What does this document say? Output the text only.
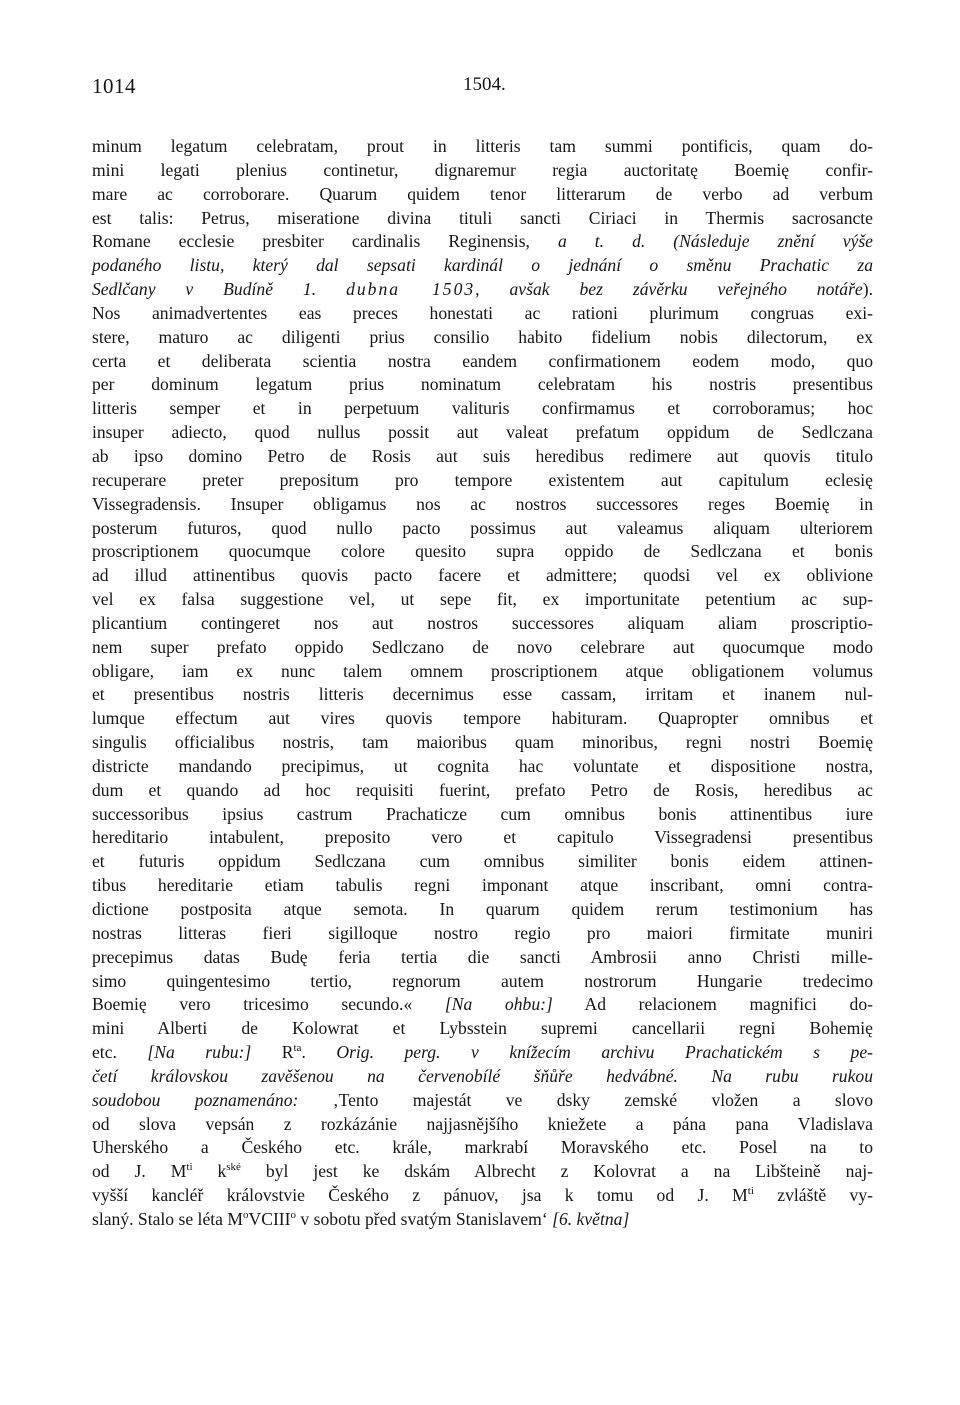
1014	1504.
minum legatum celebratam, prout in litteris tam summi pontificis, quam do-
mini legati plenius continetur, dignaremur regia auctoritatę Boemię confir-
mare ac corroborare. Quarum quidem tenor litterarum de verbo ad verbum
est talis: Petrus, miseratione divina tituli sancti Ciriaci in Thermis sacrosancte
Romane ecclesie presbiter cardinalis Reginensis, a t. d. (Následuje znění výše
podaného listu, který dal sepsati kardinál o jednání o směnu Prachatic za
Sedlčany v Budíně 1. dubna 1503, avšak bez závěrku veřejného notáře).
Nos animadvertentes eas preces honestati ac rationi plurimum congruas exi-
stere, maturo ac diligenti prius consilio habito fidelium nobis dilectorum, ex
certa et deliberata scientia nostra eandem confirmationem eodem modo, quo
per dominum legatum prius nominatum celebratam his nostris presentibus
litteris semper et in perpetuum valituris confirmamus et corroboramus; hoc
insuper adiecto, quod nullus possit aut valeat prefatum oppidum de Sedlczana
ab ipso domino Petro de Rosis aut suis heredibus redimere aut quovis titulo
recuperare preter prepositum pro tempore existentem aut capitulum eclesię
Vissegradensis. Insuper obligamus nos ac nostros successores reges Boemię in
posterum futuros, quod nullo pacto possimus aut valeamus aliquam ulteriorem
proscriptionem quocumque colore quesito supra oppido de Sedlczana et bonis
ad illud attinentibus quovis pacto facere et admittere; quodsi vel ex oblivione
vel ex falsa suggestione vel, ut sepe fit, ex importunitate petentium ac sup-
plicantium contingeret nos aut nostros successores aliquam aliam proscriptio-
nem super prefato oppido Sedlczano de novo celebrare aut quocumque modo
obligare, iam ex nunc talem omnem proscriptionem atque obligationem volumus
et presentibus nostris litteris decernimus esse cassam, irritam et inanem nul-
lumque effectum aut vires quovis tempore habituram. Quapropter omnibus et
singulis officialibus nostris, tam maioribus quam minoribus, regni nostri Boemię
districte mandando precipimus, ut cognita hac voluntate et dispositione nostra,
dum et quando ad hoc requisiti fuerint, prefato Petro de Rosis, heredibus ac
successoribus ipsius castrum Prachaticze cum omnibus bonis attinentibus iure
hereditario intabulent, preposito vero et capitulo Vissegradensi presentibus
et futuris oppidum Sedlczana cum omnibus similiter bonis eidem attinen-
tibus hereditarie etiam tabulis regni imponant atque inscribant, omni contra-
dictione postposita atque semota. In quarum quidem rerum testimonium has
nostras litteras fieri sigilloque nostro regio pro maiori firmitate muniri
precepimus datas Budę feria tertia die sancti Ambrosii anno Christi mille-
simo quingentesimo tertio, regnorum autem nostrorum Hungarie tredecimo
Boemię vero tricesimo secundo.« [Na ohbu:] Ad relacionem magnifici do-
mini Alberti de Kolowrat et Lybsstein supremi cancellarii regni Bohemię
etc. [Na rubu:] $R^{ta}$. Orig. perg. v knížecím archivu Prachatickém s pe-
četí královskou zavěšenou na červenobílé šňůře hedvábné. Na rubu rukou
soudobou poznamenáno: ‚Tento majestát ve dsky zemské vložen a slovo
od slova vepsán z rozkázánie najjasnějšího kniežete a pána pana Vladislava
Uherského a Českého etc. krále, markrabí Moravského etc. Posel na to
od J. $M^{ti}$ $k^{ské}$ byl jest ke dskám Albrecht z Kolovrat a na Libšteině naj-
vyšší kancléř královstvie Českého z pánuov, jsa k tomu od J. $M^{ti}$ zvláště vy-
slaný. Stalo se léta $M^oVCIII^o$ v sobotu před svatým Stanislavem‘ [6. května]
